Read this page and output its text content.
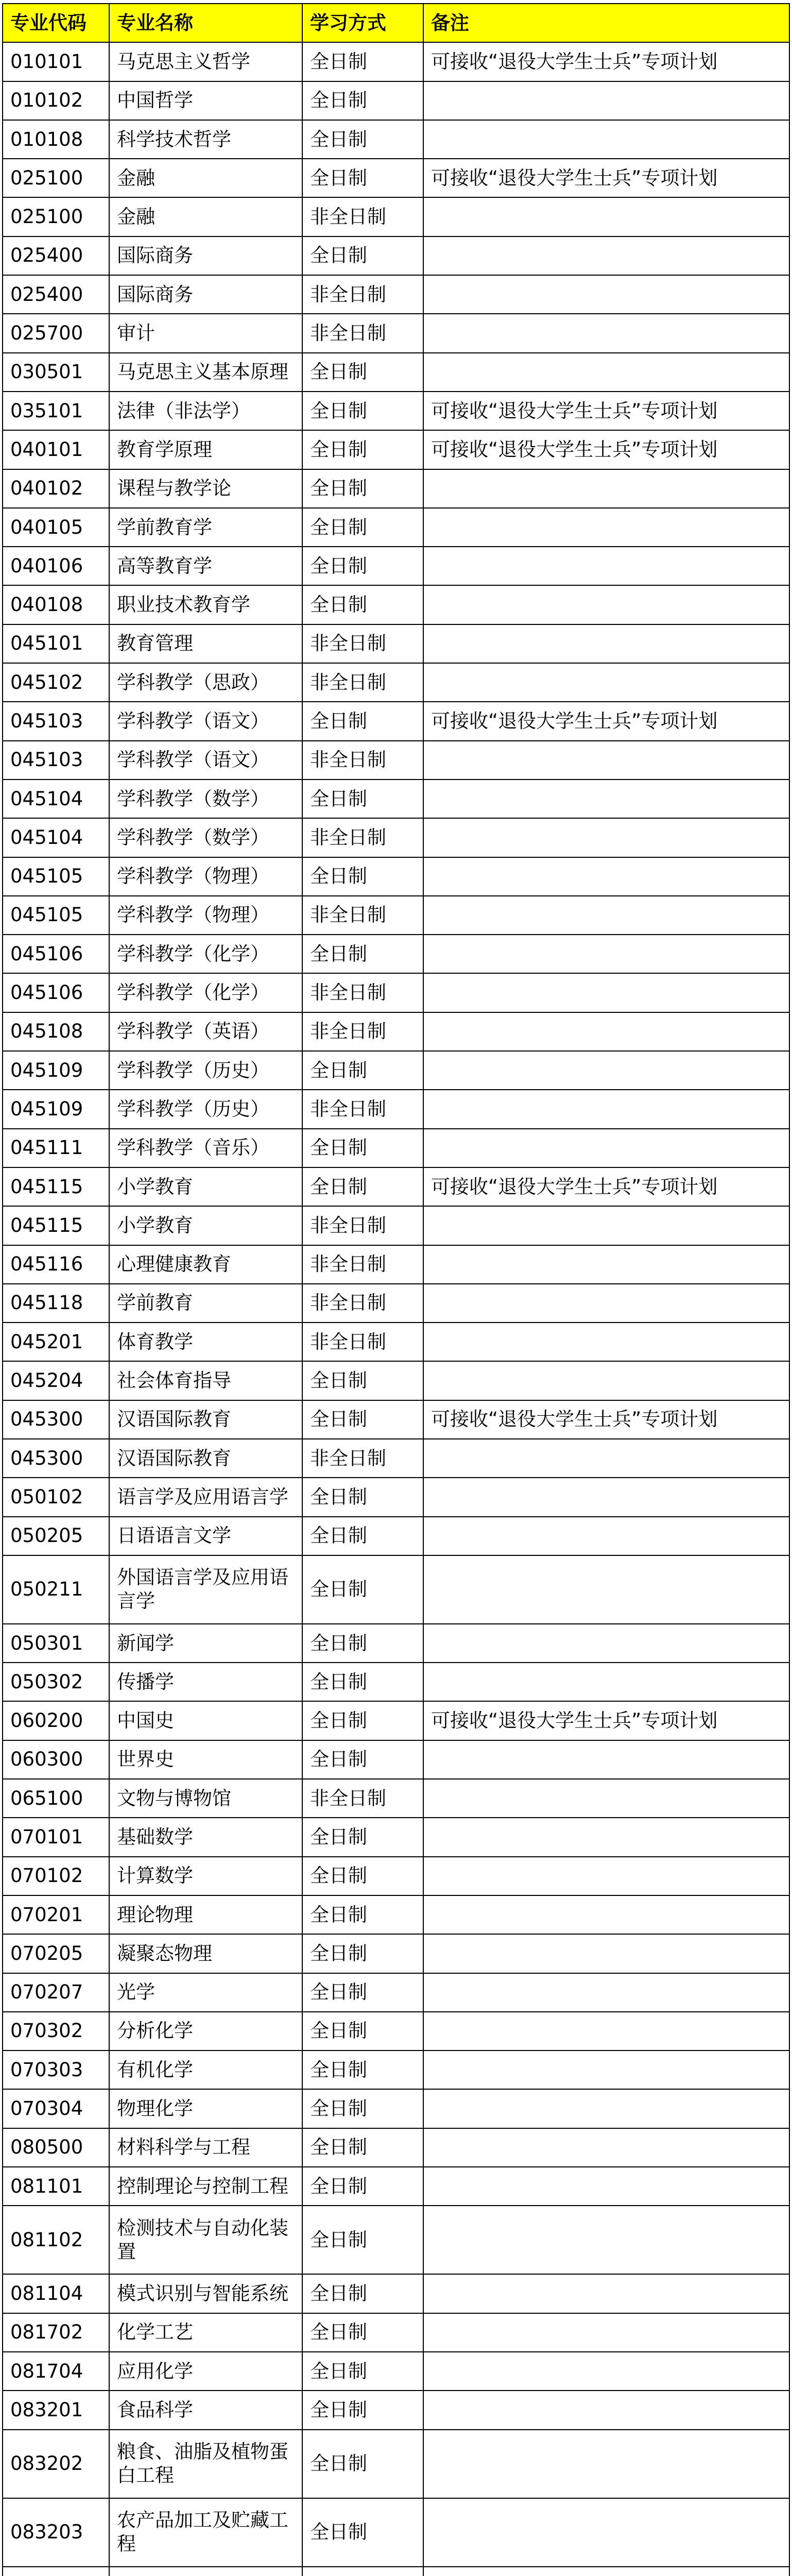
专业代码	专业名称	学习方式	备注
010101	马克思主义哲学	全日制	可接收“退役大学生士兵”专项计划
010102	中国哲学	全日制	
010108	科学技术哲学	全日制	
025100	金融	全日制	可接收“退役大学生士兵”专项计划
025100	金融	非全日制	
025400	国际商务	全日制	
025400	国际商务	非全日制	
025700	审计	非全日制	
030501	马克思主义基本原理	全日制	
035101	法律（非法学）	全日制	可接收“退役大学生士兵”专项计划
040101	教育学原理	全日制	可接收“退役大学生士兵”专项计划
040102	课程与教学论	全日制	
040105	学前教育学	全日制	
040106	高等教育学	全日制	
040108	职业技术教育学	全日制	
045101	教育管理	非全日制	
045102	学科教学（思政）	非全日制	
045103	学科教学（语文）	全日制	可接收“退役大学生士兵”专项计划
045103	学科教学（语文）	非全日制	
045104	学科教学（数学）	全日制	
045104	学科教学（数学）	非全日制	
045105	学科教学（物理）	全日制	
045105	学科教学（物理）	非全日制	
045106	学科教学（化学）	全日制	
045106	学科教学（化学）	非全日制	
045108	学科教学（英语）	非全日制	
045109	学科教学（历史）	全日制	
045109	学科教学（历史）	非全日制	
045111	学科教学（音乐）	全日制	
045115	小学教育	全日制	可接收“退役大学生士兵”专项计划
045115	小学教育	非全日制	
045116	心理健康教育	非全日制	
045118	学前教育	非全日制	
045201	体育教学	非全日制	
045204	社会体育指导	全日制	
045300	汉语国际教育	全日制	可接收“退役大学生士兵”专项计划
045300	汉语国际教育	非全日制	
050102	语言学及应用语言学	全日制	
050205	日语语言文学	全日制	
050211	外国语言学及应用语言学	全日制	
050301	新闻学	全日制	
050302	传播学	全日制	
060200	中国史	全日制	可接收“退役大学生士兵”专项计划
060300	世界史	全日制	
065100	文物与博物馆	非全日制	
070101	基础数学	全日制	
070102	计算数学	全日制	
070201	理论物理	全日制	
070205	凝聚态物理	全日制	
070207	光学	全日制	
070302	分析化学	全日制	
070303	有机化学	全日制	
070304	物理化学	全日制	
080500	材料科学与工程	全日制	
081101	控制理论与控制工程	全日制	
081102	检测技术与自动化装置	全日制	
081104	模式识别与智能系统	全日制	
081702	化学工艺	全日制	
081704	应用化学	全日制	
083201	食品科学	全日制	
083202	粮食、油脂及植物蛋白工程	全日制	
083203	农产品加工及贮藏工程	全日制	
